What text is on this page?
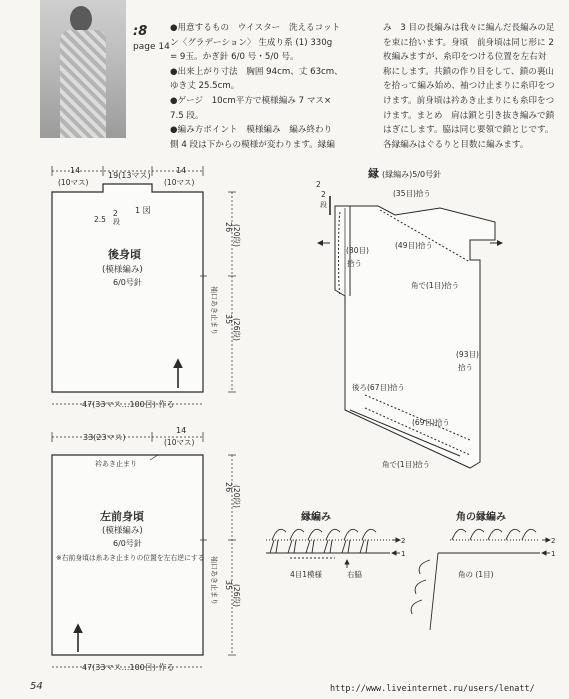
:8
page 14

●用意するもの　ウイスター　洗えるコット

ン〈グラデーション〉 生成り系 (1) 330g

= 9玉。かぎ針 6/0 号・5/0 号。

●出来上がり寸法　胸囲 94cm、丈 63cm、

ゆき丈 25.5cm。

●ゲージ　10cm平方で模様編み 7 マス×

7.5 段。

●編み方ポイント　模様編み　編み終わり

側 4 段は下からの模様が変わります。縁編

み　3 目の長編みは我々に編んだ長編みの足

を束に拾います。身頃　前身頃は同じ形に 2

枚編みますが、糸印をつける位置を左右対

称にします。共鎖の作り目をして、鎖の裏山

を拾って編み始め、袖つけ止まりに糸印をつ

けます。前身頃は衿あき止まりにも糸印をつ

けます。まとめ　肩は鎖と引き抜き編みで鎖

はぎにします。脇は同じ要領で鎖とじです。

各縁編みはぐるりと目数に編みます。

14
(10マス)
19(13マス)
14
(10マス)
2
段
2.5
1 図
後身頃
(模様編み)
6/0号針
26 (20段)
35 (26段)
袖口あき止まり
47(33マス…100目) 作る
33(23マス)
14
(10マス)
衿あき止まり
左前身頃
(模様編み)
6/0号針
※右前身頃は糸あき止まりの位置を左右逆にする
26 (20段)
35 (26段)
袖口あき止まり
47(33マス…100目) 作る
縁 (縁編み)5/0号針
(35目)拾う
(49目)拾う
(80目)
拾う
角で(1目)拾う
(93目)
拾う
後ろ(67目)拾う
(69目)拾う
角で(1目)拾う
2
2
段
縁編み
2
1
4目1模様	右脇
角の縁編み
2
1
角の (1目)
54	http://www.liveinternet.ru/users/lenatt/
